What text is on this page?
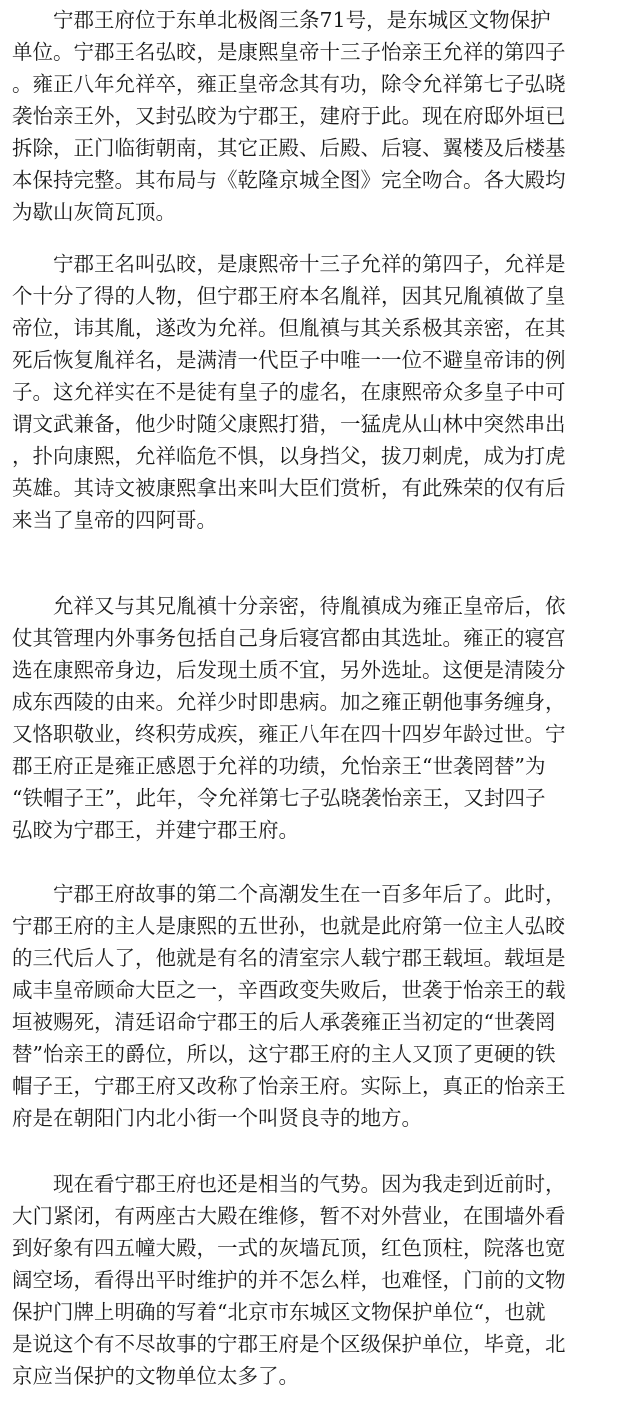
　　宁郡王府位于东单北极阁三条71号，是东城区文物保护
单位。宁郡王名弘晈，是康熙皇帝十三子怡亲王允祥的第四子
。雍正八年允祥卒，雍正皇帝念其有功，除令允祥第七子弘晓
袭怡亲王外，又封弘晈为宁郡王，建府于此。现在府邸外垣已
拆除，正门临街朝南，其它正殿、后殿、后寝、翼楼及后楼基
本保持完整。其布局与《乾隆京城全图》完全吻合。各大殿均
为歇山灰筒瓦顶。
　　宁郡王名叫弘晈，是康熙帝十三子允祥的第四子，允祥是
个十分了得的人物，但宁郡王府本名胤祥，因其兄胤禛做了皇
帝位，讳其胤，遂改为允祥。但胤禛与其关系极其亲密，在其
死后恢复胤祥名，是满清一代臣子中唯一一位不避皇帝讳的例
子。这允祥实在不是徒有皇子的虚名，在康熙帝众多皇子中可
谓文武兼备，他少时随父康熙打猎，一猛虎从山林中突然串出
，扑向康熙，允祥临危不惧，以身挡父，拔刀刺虎，成为打虎
英雄。其诗文被康熙拿出来叫大臣们赏析，有此殊荣的仅有后
来当了皇帝的四阿哥。
　　允祥又与其兄胤禛十分亲密，待胤禛成为雍正皇帝后，依
仗其管理内外事务包括自己身后寝宫都由其选址。雍正的寝宫
选在康熙帝身边，后发现土质不宜，另外选址。这便是清陵分
成东西陵的由来。允祥少时即患病。加之雍正朝他事务缠身，
又恪职敬业，终积劳成疾，雍正八年在四十四岁年龄过世。宁
郡王府正是雍正感恩于允祥的功绩，允怡亲王“世袭罔替”为
“铁帽子王”，此年，令允祥第七子弘晓袭怡亲王，又封四子
弘晈为宁郡王，并建宁郡王府。
　　宁郡王府故事的第二个高潮发生在一百多年后了。此时，
宁郡王府的主人是康熙的五世孙，也就是此府第一位主人弘晈
的三代后人了，他就是有名的清室宗人载宁郡王载垣。载垣是
咸丰皇帝顾命大臣之一，辛酉政变失败后，世袭于怡亲王的载
垣被赐死，清廷诏命宁郡王的后人承袭雍正当初定的“世袭罔
替”怡亲王的爵位，所以，这宁郡王府的主人又顶了更硬的铁
帽子王，宁郡王府又改称了怡亲王府。实际上，真正的怡亲王
府是在朝阳门内北小街一个叫贤良寺的地方。
　　现在看宁郡王府也还是相当的气势。因为我走到近前时，
大门紧闭，有两座古大殿在维修，暂不对外营业，在围墙外看
到好象有四五幢大殿，一式的灰墙瓦顶，红色顶柱，院落也宽
阔空场，看得出平时维护的并不怎么样，也难怪，门前的文物
保护门牌上明确的写着“北京市东城区文物保护单位“，也就
是说这个有不尽故事的宁郡王府是个区级保护单位，毕竟，北
京应当保护的文物单位太多了。
